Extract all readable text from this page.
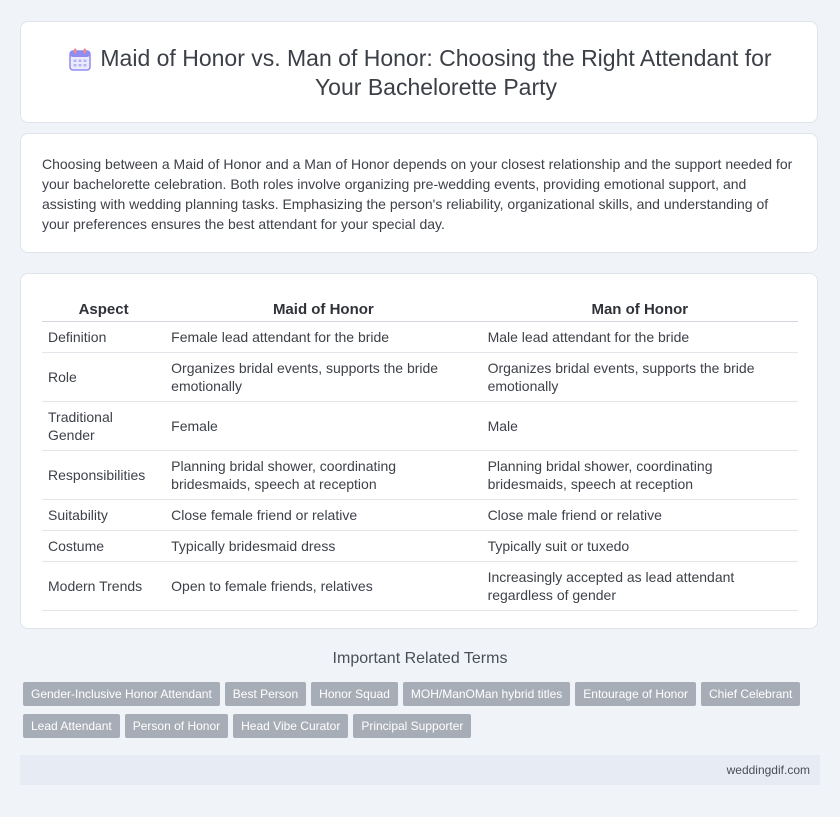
Maid of Honor vs. Man of Honor: Choosing the Right Attendant for Your Bachelorette Party

Choosing between a Maid of Honor and a Man of Honor depends on your closest relationship and the support needed for your bachelorette celebration. Both roles involve organizing pre-wedding events, providing emotional support, and assisting with wedding planning tasks. Emphasizing the person's reliability, organizational skills, and understanding of your preferences ensures the best attendant for your special day.

Aspect	Maid of Honor	Man of Honor
Definition	Female lead attendant for the bride	Male lead attendant for the bride
Role	Organizes bridal events, supports the bride emotionally	Organizes bridal events, supports the bride emotionally
Traditional Gender	Female	Male
Responsibilities	Planning bridal shower, coordinating bridesmaids, speech at reception	Planning bridal shower, coordinating bridesmaids, speech at reception
Suitability	Close female friend or relative	Close male friend or relative
Costume	Typically bridesmaid dress	Typically suit or tuxedo
Modern Trends	Open to female friends, relatives	Increasingly accepted as lead attendant regardless of gender
Important Related Terms
Gender-Inclusive Honor Attendant Best Person Honor Squad MOH/ManOMan hybrid titles Entourage of Honor Chief Celebrant
Lead Attendant Person of Honor Head Vibe Curator Principal Supporter
weddingdif.com
